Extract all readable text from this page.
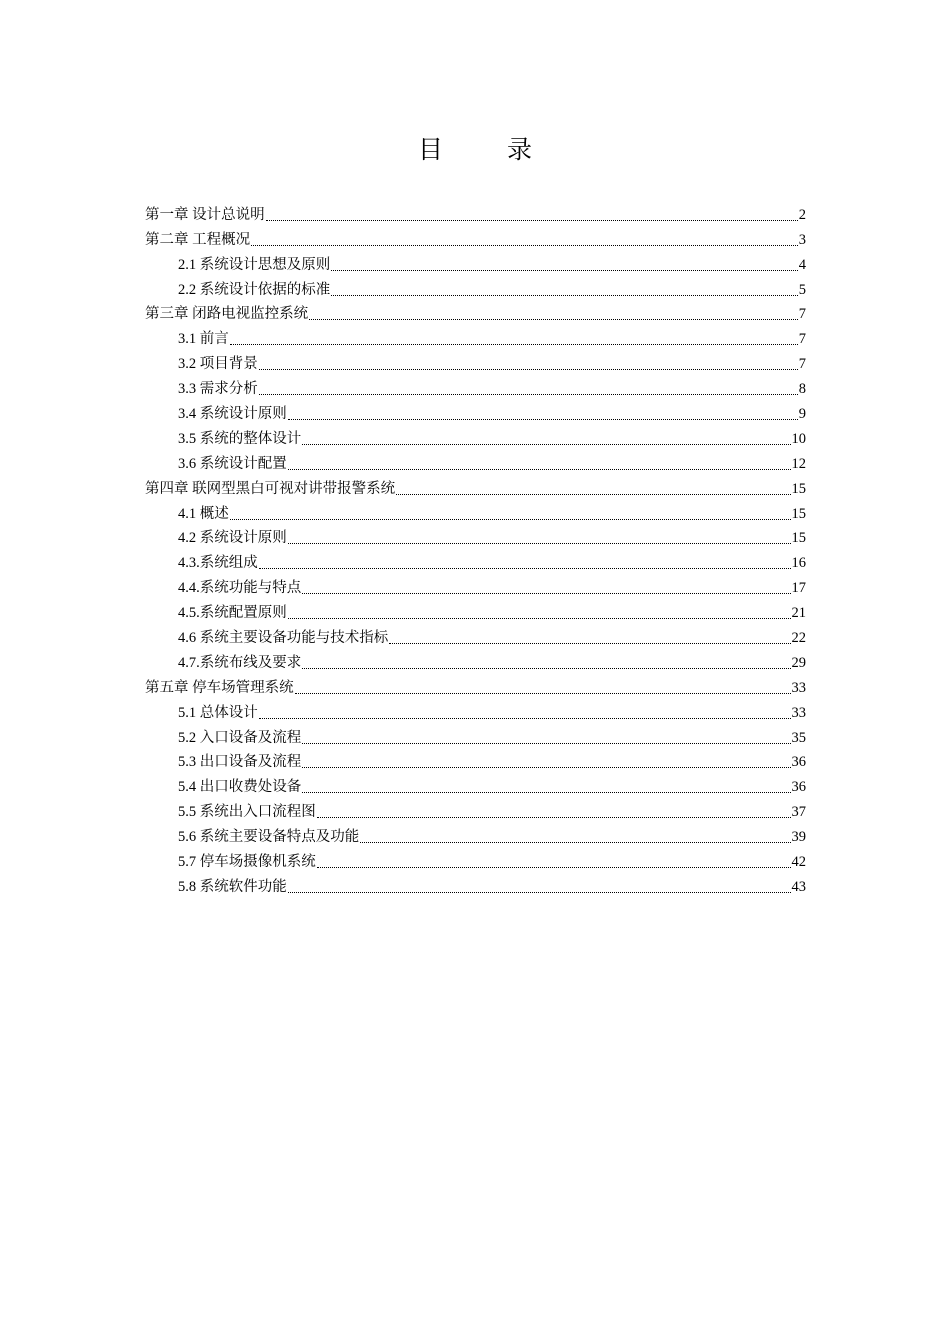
目 录
第一章 设计总说明	2
第二章 工程概况	3
2.1 系统设计思想及原则	4
2.2 系统设计依据的标准	5
第三章 闭路电视监控系统	7
3.1 前言	7
3.2 项目背景	7
3.3 需求分析	8
3.4 系统设计原则	9
3.5 系统的整体设计	10
3.6 系统设计配置	12
第四章 联网型黑白可视对讲带报警系统	15
4.1 概述	15
4.2 系统设计原则	15
4.3.系统组成	16
4.4.系统功能与特点	17
4.5.系统配置原则	21
4.6 系统主要设备功能与技术指标	22
4.7.系统布线及要求	29
第五章 停车场管理系统	33
5.1 总体设计	33
5.2 入口设备及流程	35
5.3 出口设备及流程	36
5.4 出口收费处设备	36
5.5 系统出入口流程图	37
5.6 系统主要设备特点及功能	39
5.7 停车场摄像机系统	42
5.8 系统软件功能	43
